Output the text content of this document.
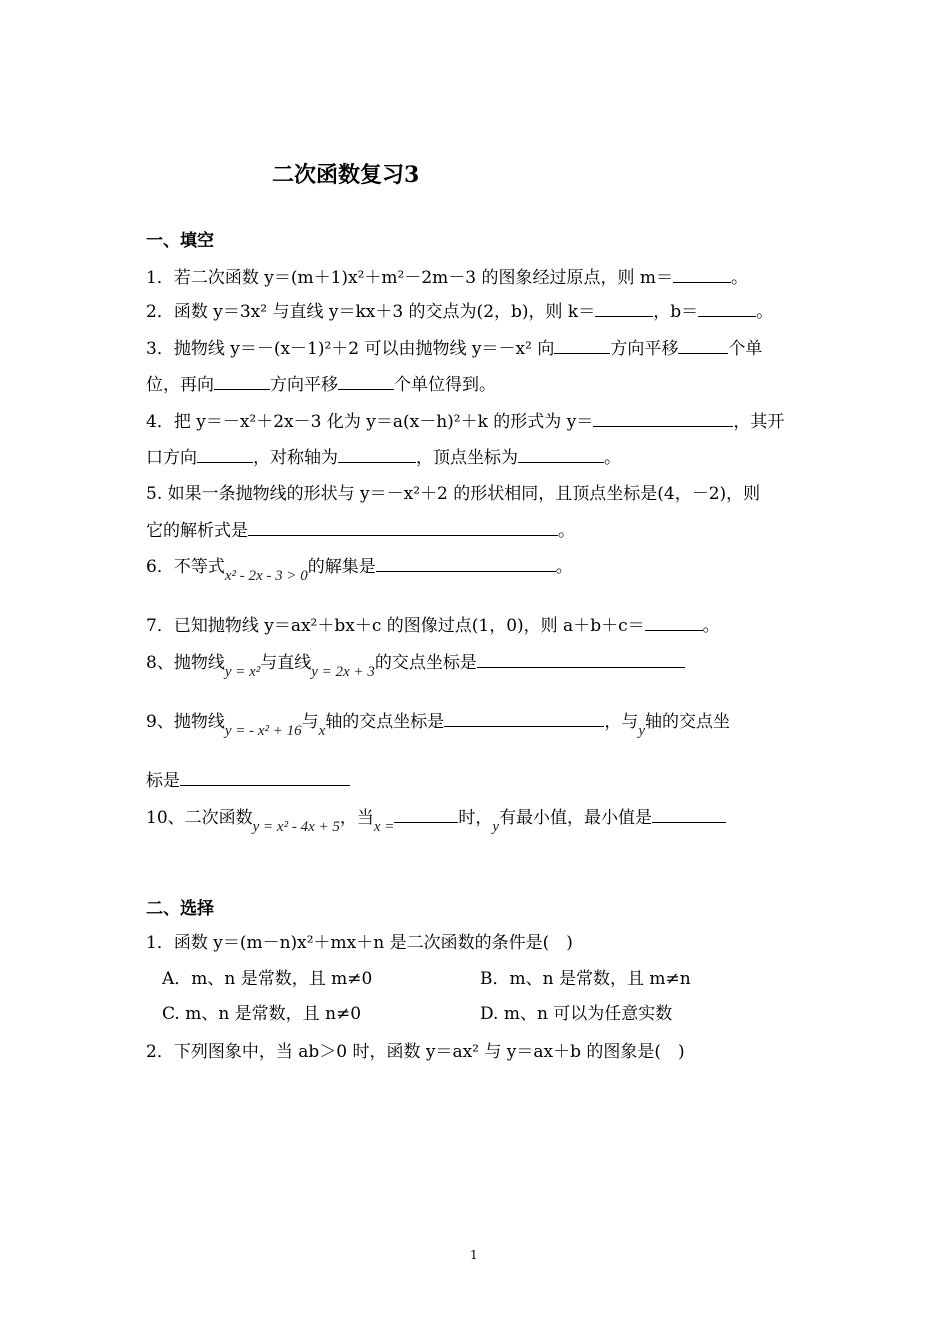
二次函数复习3
一、填空
1．若二次函数 y＝(m＋1)x²＋m²－2m－3 的图象经过原点，则 m＝	。
2．函数 y＝3x² 与直线 y＝kx＋3 的交点为(2，b)，则 k＝	，b＝	。
3．抛物线 y＝－(x－1)²＋2 可以由抛物线 y＝－x² 向	方向平移	个单
位，再向	方向平移	个单位得到。
4．把 y＝－x²＋2x－3 化为 y＝a(x－h)²＋k 的形式为 y＝	，其开
口方向	，对称轴为	，顶点坐标为	。
5. 如果一条抛物线的形状与 y＝－x²＋2 的形状相同，且顶点坐标是(4，－2)，则
它的解析式是	。
6．不等式x² - 2x - 3 > 0的解集是	。
7．已知抛物线 y＝ax²＋bx＋c 的图像过点(1，0)，则 a＋b＋c＝	。
8、抛物线y = x²与直线y = 2x + 3的交点坐标是
9、抛物线y = - x² + 16与x轴的交点坐标是	，与y轴的交点坐
标是
10、二次函数y = x² - 4x + 5，当x =	时，y有最小值，最小值是
二、选择
1．函数 y＝(m－n)x²＋mx＋n 是二次函数的条件是(　)
A．m、n 是常数，且 m≠0	B．m、n 是常数，且 m≠n
C. m、n 是常数，且 n≠0	D. m、n 可以为任意实数
2．下列图象中，当 ab＞0 时，函数 y＝ax² 与 y＝ax＋b 的图象是(　)
1
